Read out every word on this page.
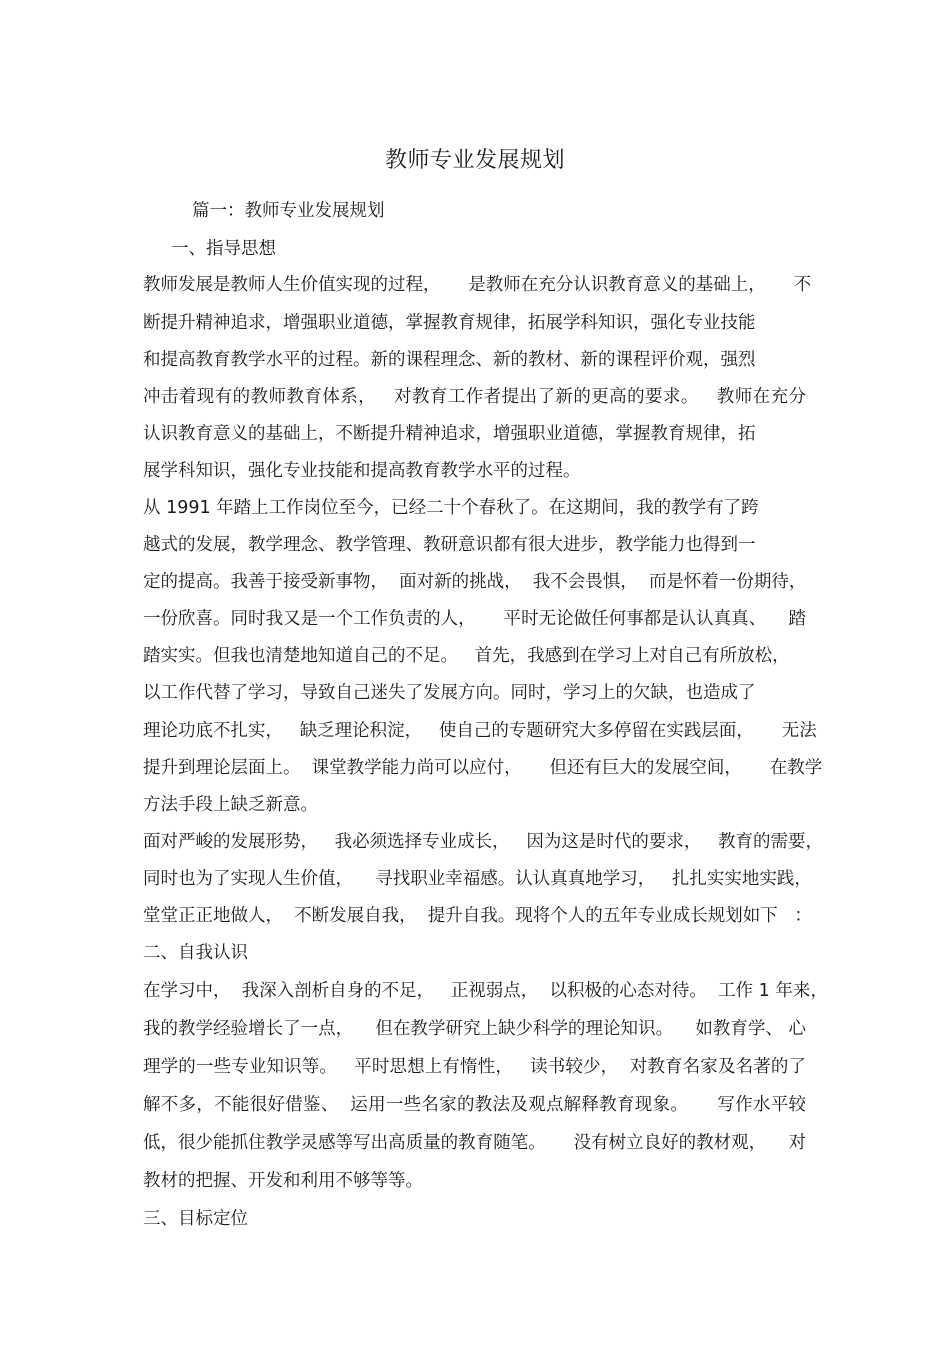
教师专业发展规划
篇一：教师专业发展规划
一、指导思想
教师发展是教师人生价值实现的过程，     是教师在充分认识教育意义的基础上，     不
断提升精神追求，增强职业道德，掌握教育规律，拓展学科知识，强化专业技能
和提高教育教学水平的过程。新的课程理念、新的教材、新的课程评价观，强烈
冲击着现有的教师教育体系，   对教育工作者提出了新的更高的要求。   教师在充分
认识教育意义的基础上，不断提升精神追求，增强职业道德，掌握教育规律，拓
展学科知识，强化专业技能和提高教育教学水平的过程。
从 1991 年踏上工作岗位至今，已经二十个春秋了。在这期间，我的教学有了跨
越式的发展，教学理念、教学管理、教研意识都有很大进步，教学能力也得到一
定的提高。我善于接受新事物，  面对新的挑战，  我不会畏惧，  而是怀着一份期待，
一份欣喜。同时我又是一个工作负责的人，     平时无论做任何事都是认认真真、    踏
踏实实。但我也清楚地知道自己的不足。   首先，我感到在学习上对自己有所放松，
以工作代替了学习，导致自己迷失了发展方向。同时，学习上的欠缺，也造成了
理论功底不扎实，   缺乏理论积淀，   使自己的专题研究大多停留在实践层面，     无法
提升到理论层面上。  课堂教学能力尚可以应付，     但还有巨大的发展空间，     在教学
方法手段上缺乏新意。
面对严峻的发展形势，   我必须选择专业成长，   因为这是时代的要求，   教育的需要，
同时也为了实现人生价值，    寻找职业幸福感。认认真真地学习，   扎扎实实地实践，
堂堂正正地做人，  不断发展自我，  提升自我。现将个人的五年专业成长规划如下   ：
二、自我认识
在学习中，  我深入剖析自身的不足，   正视弱点，  以积极的心态对待。  工作 1 年来，
我的教学经验增长了一点，    但在教学研究上缺少科学的理论知识。    如教育学、 心
理学的一些专业知识等。   平时思想上有惰性，   读书较少，  对教育名家及名著的了
解不多，不能很好借鉴、  运用一些名家的教法及观点解释教育现象。     写作水平较
低，很少能抓住教学灵感等写出高质量的教育随笔。     没有树立良好的教材观，    对
教材的把握、开发和利用不够等等。
三、目标定位
